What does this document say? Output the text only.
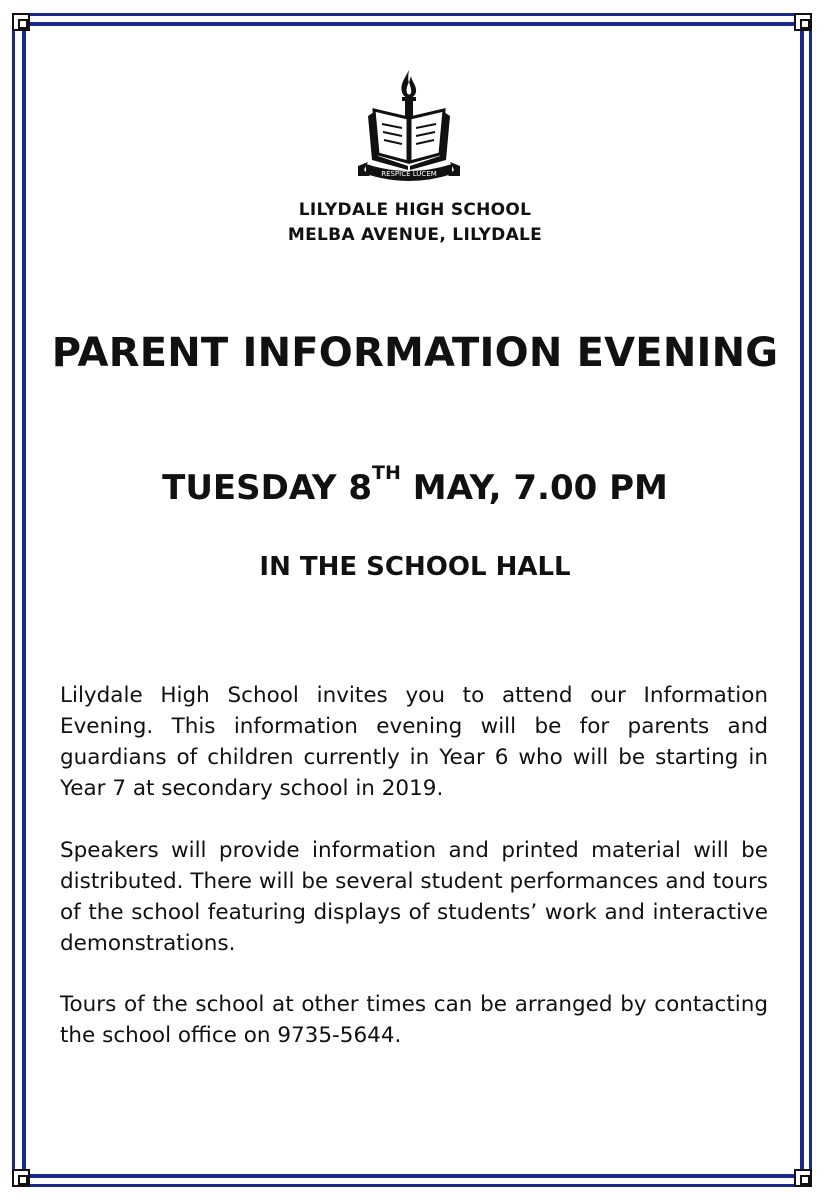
RESPICE LUCEM
LILYDALE HIGH SCHOOL
MELBA AVENUE, LILYDALE
PARENT INFORMATION EVENING
TUESDAY 8TH MAY, 7.00 PM
IN THE SCHOOL HALL

Lilydale High School invites you to attend our Information Evening. This information evening will be for parents and guardians of children currently in Year 6 who will be starting in Year 7 at secondary school in 2019.

Speakers will provide information and printed material will be distributed. There will be several student performances and tours of the school featuring displays of students’ work and interactive demonstrations.

Tours of the school at other times can be arranged by contacting the school office on 9735-5644.
